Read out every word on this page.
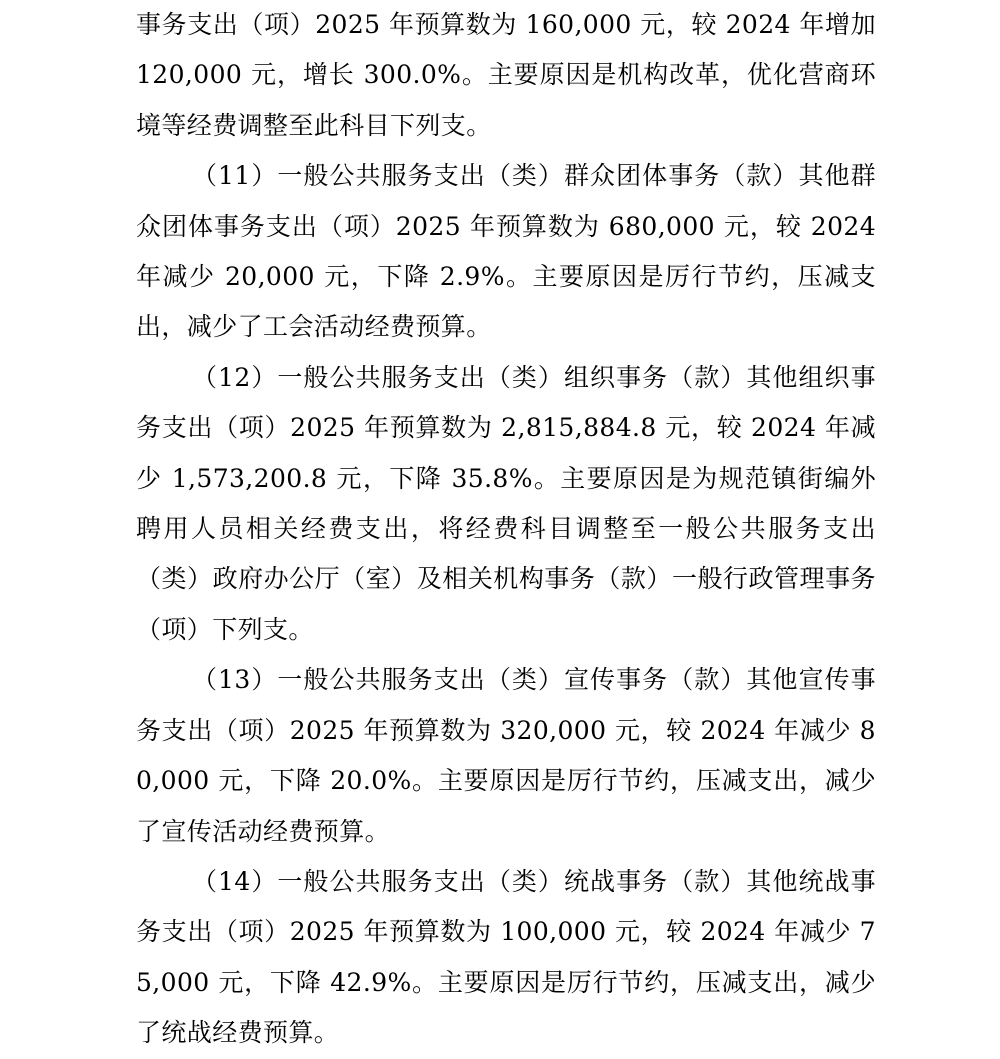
事务支出（项）2025 年预算数为 160,000 元，较 2024 年增加 120,000 元，增长 300.0%。主要原因是机构改革，优化营商环境等经费调整至此科目下列支。

（11）一般公共服务支出（类）群众团体事务（款）其他群众团体事务支出（项）2025 年预算数为 680,000 元，较 2024 年减少 20,000 元，下降 2.9%。主要原因是厉行节约，压减支出，减少了工会活动经费预算。

（12）一般公共服务支出（类）组织事务（款）其他组织事务支出（项）2025 年预算数为 2,815,884.8 元，较 2024 年减少 1,573,200.8 元，下降 35.8%。主要原因是为规范镇街编外聘用人员相关经费支出，将经费科目调整至一般公共服务支出（类）政府办公厅（室）及相关机构事务（款）一般行政管理事务（项）下列支。

（13）一般公共服务支出（类）宣传事务（款）其他宣传事务支出（项）2025 年预算数为 320,000 元，较 2024 年减少 80,000 元，下降 20.0%。主要原因是厉行节约，压减支出，减少了宣传活动经费预算。

（14）一般公共服务支出（类）统战事务（款）其他统战事务支出（项）2025 年预算数为 100,000 元，较 2024 年减少 75,000 元，下降 42.9%。主要原因是厉行节约，压减支出，减少了统战经费预算。
